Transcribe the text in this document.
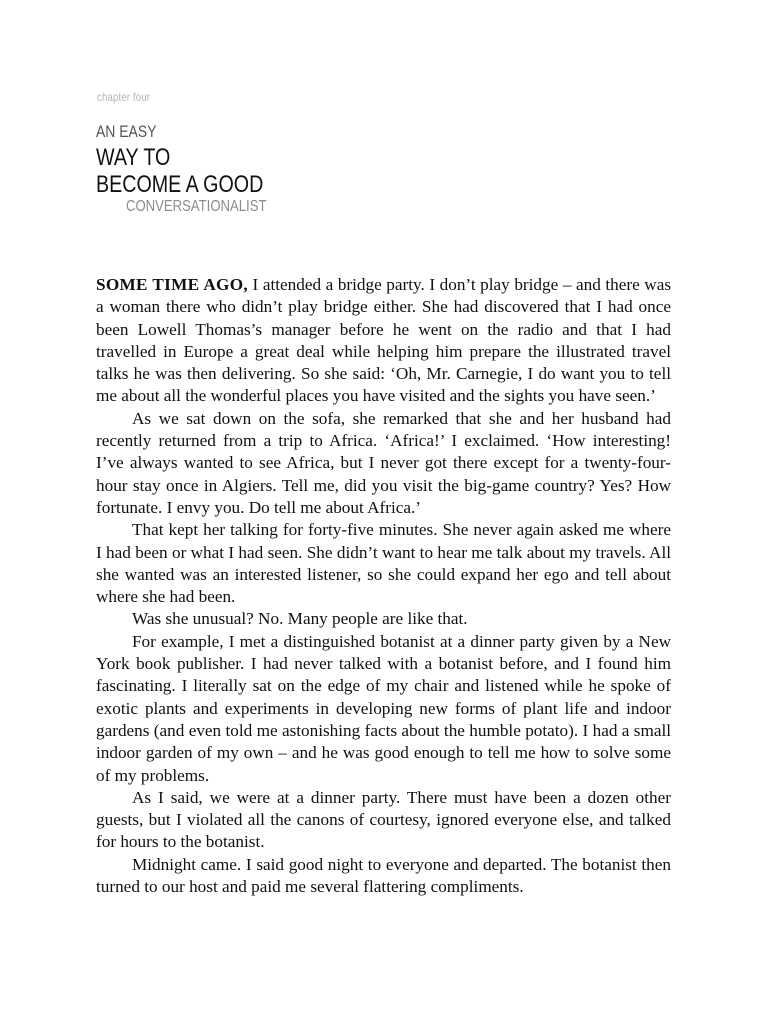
chapter four
AN EASY
WAY TO
BECOME A GOOD
CONVERSATIONALIST

SOME TIME AGO, I attended a bridge party. I don’t play bridge – and there was a woman there who didn’t play bridge either. She had discovered that I had once been Lowell Thomas’s manager before he went on the radio and that I had travelled in Europe a great deal while helping him prepare the illustrated travel talks he was then delivering. So she said: ‘Oh, Mr. Carnegie, I do want you to tell me about all the wonderful places you have visited and the sights you have seen.’

As we sat down on the sofa, she remarked that she and her husband had recently returned from a trip to Africa. ‘Africa!’ I exclaimed. ‘How interesting! I’ve always wanted to see Africa, but I never got there except for a twenty-four-hour stay once in Algiers. Tell me, did you visit the big-game country? Yes? How fortunate. I envy you. Do tell me about Africa.’

That kept her talking for forty-five minutes. She never again asked me where I had been or what I had seen. She didn’t want to hear me talk about my travels. All she wanted was an interested listener, so she could expand her ego and tell about where she had been.

Was she unusual? No. Many people are like that.

For example, I met a distinguished botanist at a dinner party given by a New York book publisher. I had never talked with a botanist before, and I found him fascinating. I literally sat on the edge of my chair and listened while he spoke of exotic plants and experiments in developing new forms of plant life and indoor gardens (and even told me astonishing facts about the humble potato). I had a small indoor garden of my own – and he was good enough to tell me how to solve some of my problems.

As I said, we were at a dinner party. There must have been a dozen other guests, but I violated all the canons of courtesy, ignored everyone else, and talked for hours to the botanist.

Midnight came. I said good night to everyone and departed. The botanist then turned to our host and paid me several flattering compliments.
